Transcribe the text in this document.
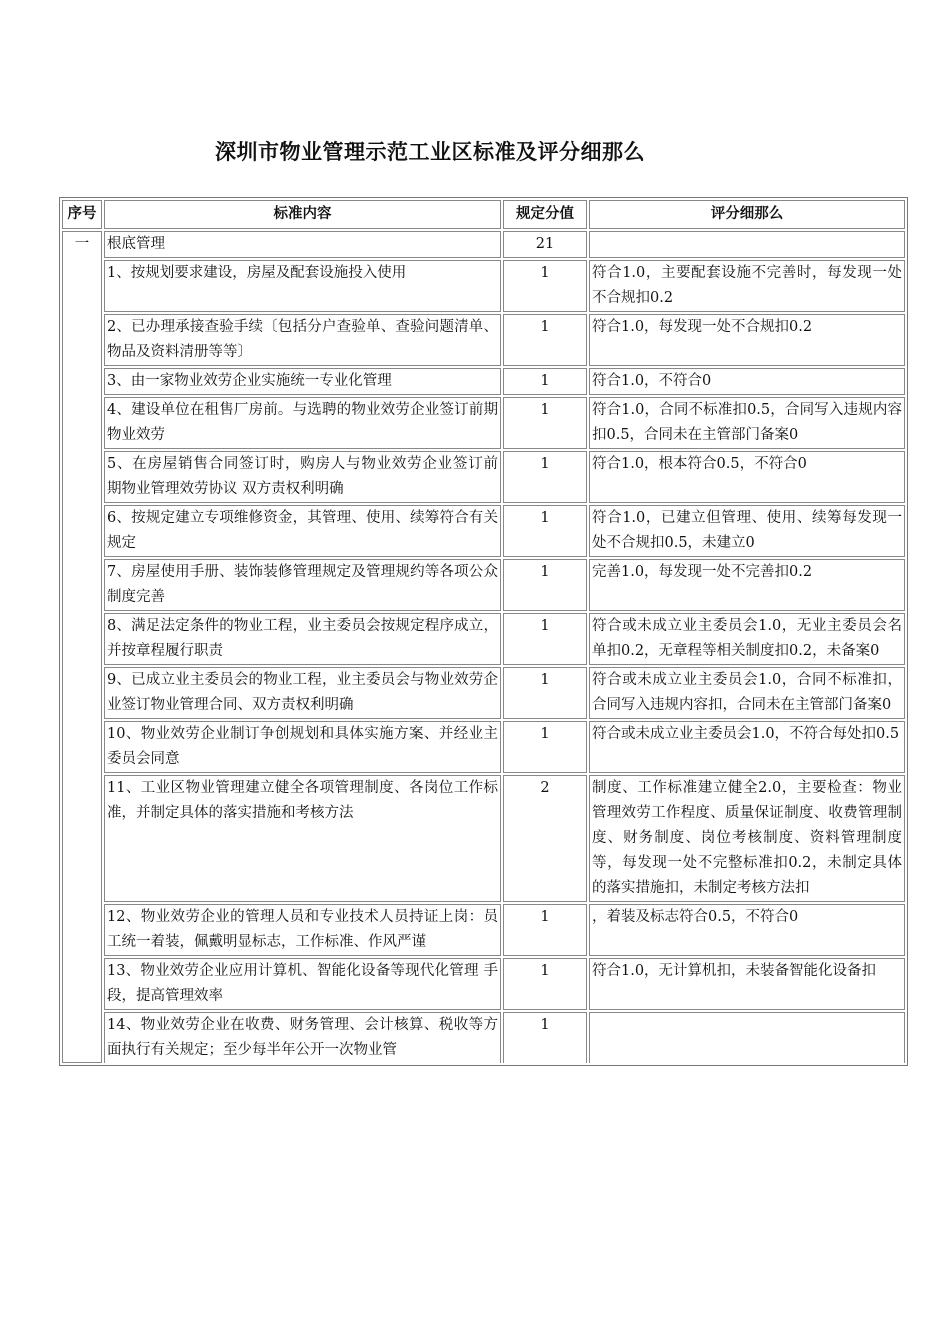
深圳市物业管理示范工业区标准及评分细那么
序号	标准内容	规定分值	评分细那么
一	根底管理	21	
	1、按规划要求建设，房屋及配套设施投入使用	1	符合1.0，主要配套设施不完善时，每发现一处不合规扣0.2
	2、已办理承接查验手续〔包括分户查验单、查验问题清单、物品及资料清册等等〕	1	符合1.0，每发现一处不合规扣0.2
	3、由一家物业效劳企业实施统一专业化管理	1	符合1.0，不符合0
	4、建设单位在租售厂房前。与选聘的物业效劳企业签订前期物业效劳	1	符合1.0，合同不标准扣0.5，合同写入违规内容扣0.5，合同未在主管部门备案0
	5、在房屋销售合同签订时，购房人与物业效劳企业签订前　期物业管理效劳协议 双方责权利明确	1	符合1.0，根本符合0.5，不符合0
	6、按规定建立专项维修资金，其管理、使用、续筹符合有关规定	1	符合1.0，已建立但管理、使用、续筹每发现一处不合规扣0.5，未建立0
	7、房屋使用手册、装饰装修管理规定及管理规约等各项公众制度完善	1	完善1.0，每发现一处不完善扣0.2
	8、满足法定条件的物业工程，业主委员会按规定程序成立，并按章程履行职责	1	符合或未成立业主委员会1.0，无业主委员会名单扣0.2，无章程等相关制度扣0.2，未备案0
	9、已成立业主委员会的物业工程，业主委员会与物业效劳企业签订物业管理合同、双方责权利明确	1	符合或未成立业主委员会1.0，合同不标准扣，合同写入违规内容扣，合同未在主管部门备案0
	10、物业效劳企业制订争创规划和具体实施方案、并经业主委员会同意	1	符合或未成立业主委员会1.0，不符合每处扣0.5
	11、工业区物业管理建立健全各项管理制度、各岗位工作标准，并制定具体的落实措施和考核方法	2	制度、工作标准建立健全2.0，主要检查：物业管理效劳工作程度、质量保证制度、收费管理制度、财务制度、岗位考核制度、资料管理制度等，每发现一处不完整标准扣0.2，未制定具体的落实措施扣，未制定考核方法扣
	12、物业效劳企业的管理人员和专业技术人员持证上岗：员工统一着装，佩戴明显标志，工作标准、作风严谨	1	，着装及标志符合0.5，不符合0
	13、物业效劳企业应用计算机、智能化设备等现代化管理 手段，提高管理效率	1	符合1.0，无计算机扣，未装备智能化设备扣
	14、物业效劳企业在收费、财务管理、会计核算、税收等方 面执行有关规定；至少每半年公开一次物业管	1	
